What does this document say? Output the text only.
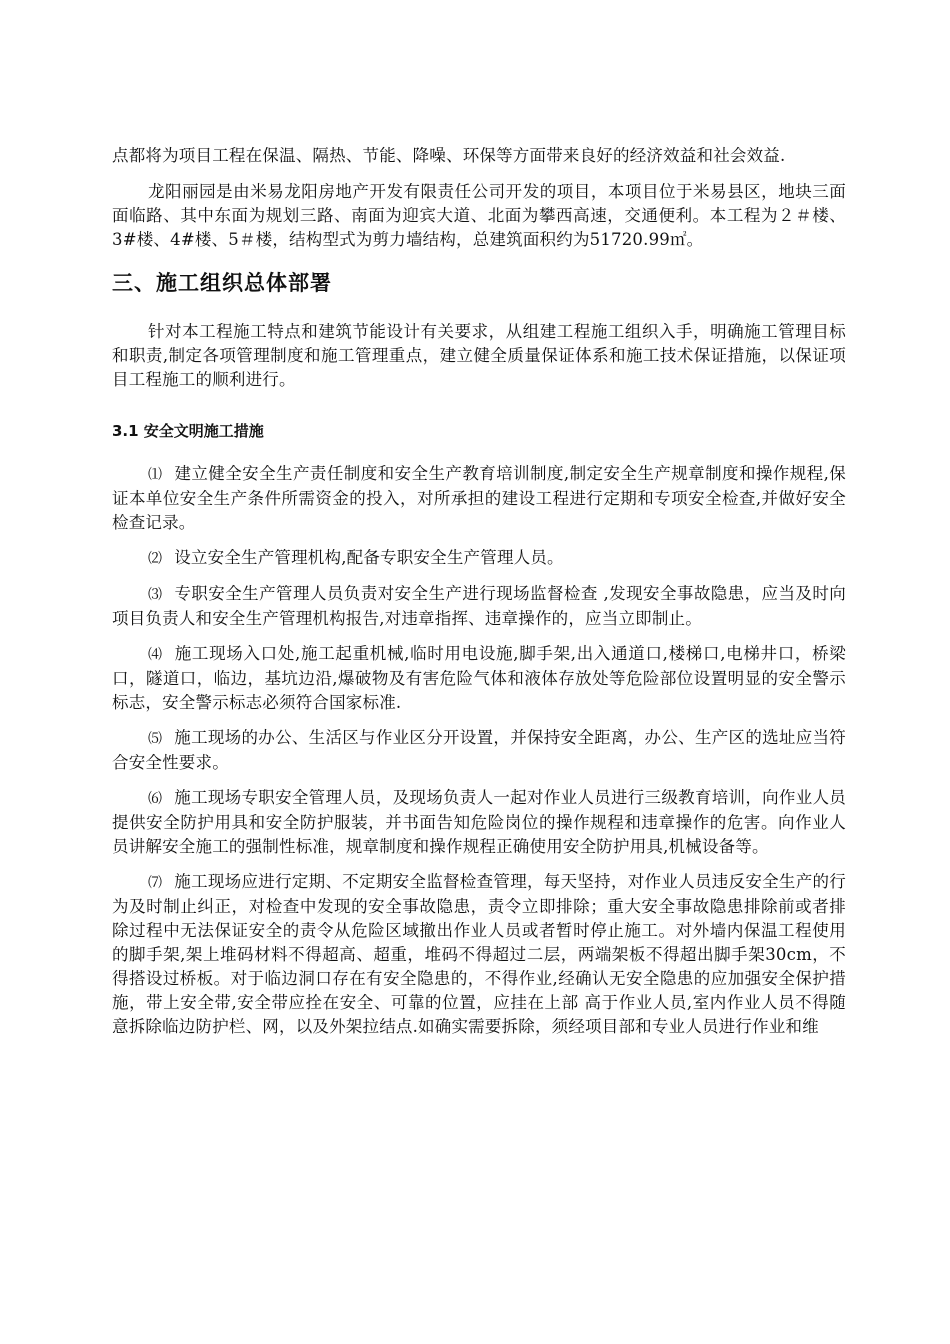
点都将为项目工程在保温、隔热、节能、降噪、环保等方面带来良好的经济效益和社会效益.

龙阳丽园是由米易龙阳房地产开发有限责任公司开发的项目，本项目位于米易县区，地块三面面临路、其中东面为规划三路、南面为迎宾大道、北面为攀西高速，交通便利。本工程为２＃楼、3#楼、4#楼、5＃楼，结构型式为剪力墙结构，总建筑面积约为51720.99㎡。

三、施工组织总体部署

针对本工程施工特点和建筑节能设计有关要求，从组建工程施工组织入手，明确施工管理目标和职责,制定各项管理制度和施工管理重点，建立健全质量保证体系和施工技术保证措施，以保证项目工程施工的顺利进行。

3.1 安全文明施工措施

⑴ 建立健全安全生产责任制度和安全生产教育培训制度,制定安全生产规章制度和操作规程,保证本单位安全生产条件所需资金的投入，对所承担的建设工程进行定期和专项安全检查,并做好安全检查记录。

⑵ 设立安全生产管理机构,配备专职安全生产管理人员。

⑶ 专职安全生产管理人员负责对安全生产进行现场监督检查 ,发现安全事故隐患，应当及时向项目负责人和安全生产管理机构报告,对违章指挥、违章操作的，应当立即制止。

⑷ 施工现场入口处,施工起重机械,临时用电设施,脚手架,出入通道口,楼梯口,电梯井口，桥梁口，隧道口，临边，基坑边沿,爆破物及有害危险气体和液体存放处等危险部位设置明显的安全警示标志，安全警示标志必须符合国家标准.

⑸ 施工现场的办公、生活区与作业区分开设置，并保持安全距离，办公、生产区的选址应当符合安全性要求。

⑹ 施工现场专职安全管理人员，及现场负责人一起对作业人员进行三级教育培训，向作业人员提供安全防护用具和安全防护服装，并书面告知危险岗位的操作规程和违章操作的危害。向作业人员讲解安全施工的强制性标准，规章制度和操作规程正确使用安全防护用具,机械设备等。

⑺ 施工现场应进行定期、不定期安全监督检查管理，每天坚持，对作业人员违反安全生产的行为及时制止纠正，对检查中发现的安全事故隐患，责令立即排除；重大安全事故隐患排除前或者排除过程中无法保证安全的责令从危险区域撤出作业人员或者暂时停止施工。对外墙内保温工程使用的脚手架,架上堆码材料不得超高、超重，堆码不得超过二层，两端架板不得超出脚手架30cm，不得搭设过桥板。对于临边洞口存在有安全隐患的，不得作业,经确认无安全隐患的应加强安全保护措施，带上安全带,安全带应拴在安全、可靠的位置，应挂在上部 高于作业人员,室内作业人员不得随意拆除临边防护栏、网，以及外架拉结点.如确实需要拆除，须经项目部和专业人员进行作业和维
